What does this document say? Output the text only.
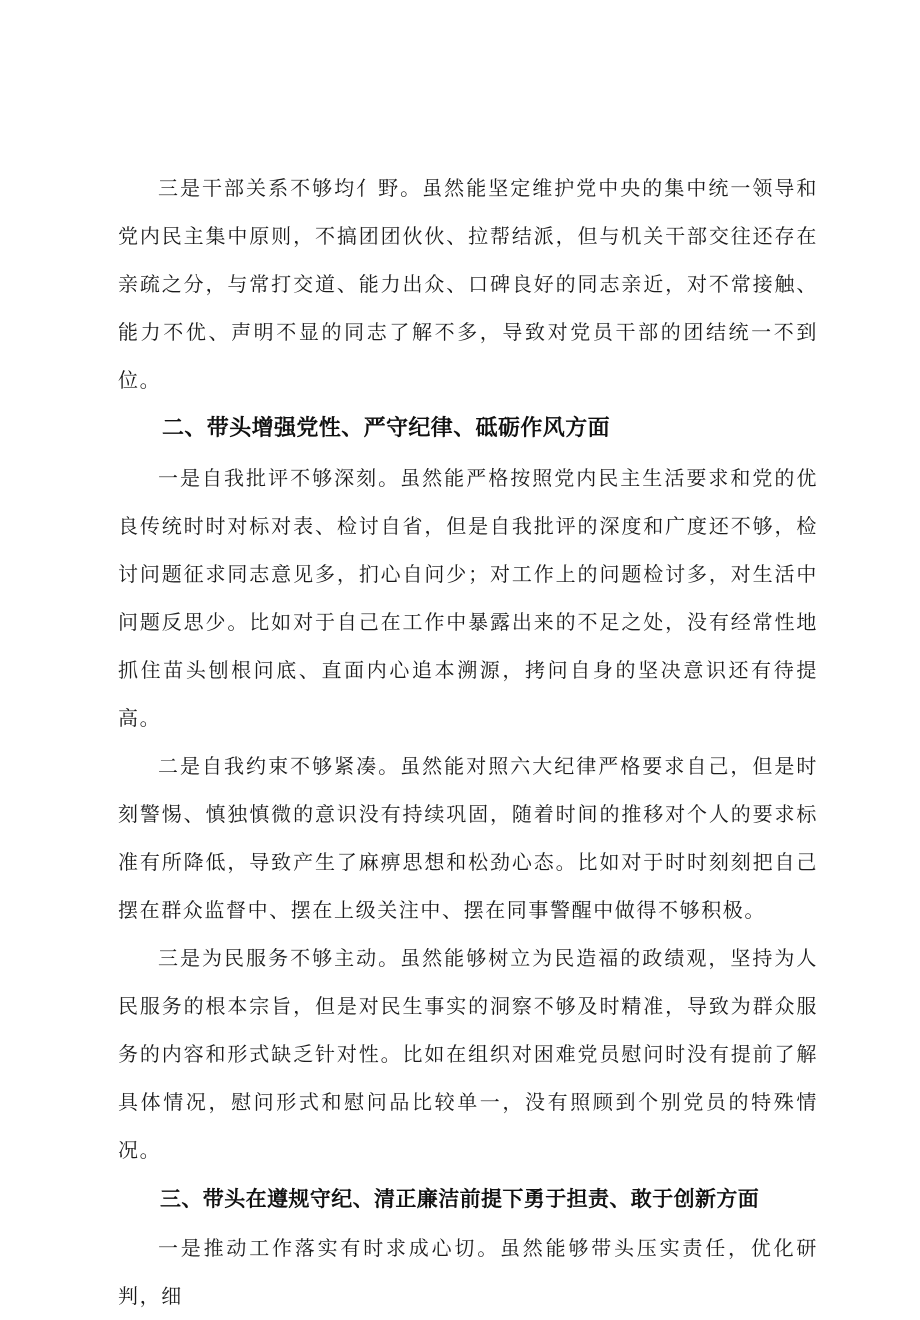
三是干部关系不够均亻野。虽然能坚定维护党中央的集中统一领导和党内民主集中原则，不搞团团伙伙、拉帮结派，但与机关干部交往还存在亲疏之分，与常打交道、能力出众、口碑良好的同志亲近，对不常接触、能力不优、声明不显的同志了解不多，导致对党员干部的团结统一不到位。

二、带头增强党性、严守纪律、砥砺作风方面

一是自我批评不够深刻。虽然能严格按照党内民主生活要求和党的优良传统时时对标对表、检讨自省，但是自我批评的深度和广度还不够，检讨问题征求同志意见多，扪心自问少；对工作上的问题检讨多，对生活中问题反思少。比如对于自己在工作中暴露出来的不足之处，没有经常性地抓住苗头刨根问底、直面内心追本溯源，拷问自身的坚决意识还有待提高。

二是自我约束不够紧凑。虽然能对照六大纪律严格要求自己，但是时刻警惕、慎独慎微的意识没有持续巩固，随着时间的推移对个人的要求标准有所降低，导致产生了麻痹思想和松劲心态。比如对于时时刻刻把自己摆在群众监督中、摆在上级关注中、摆在同事警醒中做得不够积极。

三是为民服务不够主动。虽然能够树立为民造福的政绩观，坚持为人民服务的根本宗旨，但是对民生事实的洞察不够及时精准，导致为群众服务的内容和形式缺乏针对性。比如在组织对困难党员慰问时没有提前了解具体情况，慰问形式和慰问品比较单一，没有照顾到个别党员的特殊情况。

三、带头在遵规守纪、清正廉洁前提下勇于担责、敢于创新方面

一是推动工作落实有时求成心切。虽然能够带头压实责任，优化研判，细
